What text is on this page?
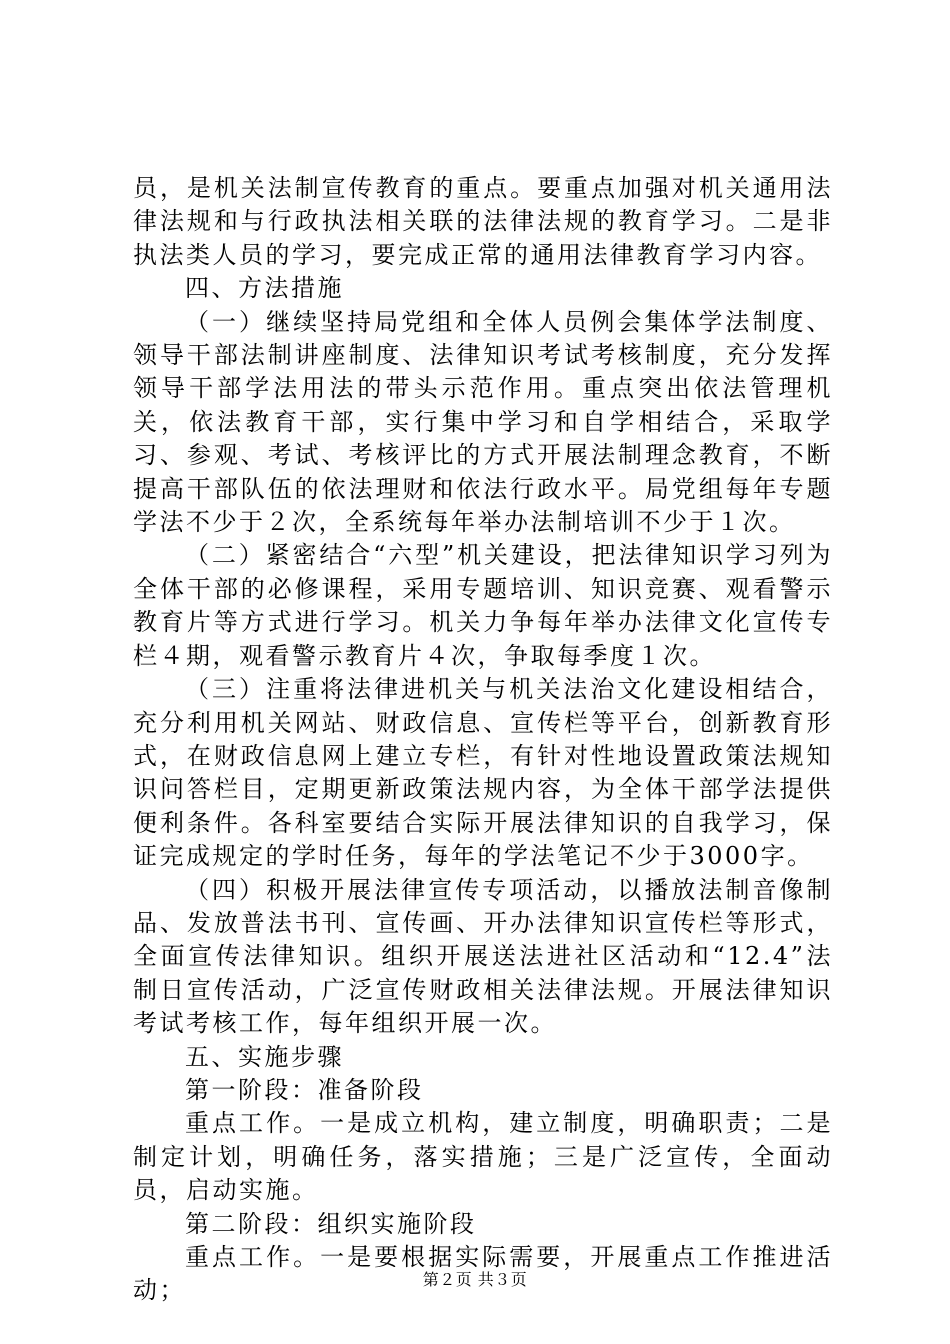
员，是机关法制宣传教育的重点。要重点加强对机关通用法律法规和与行政执法相关联的法律法规的教育学习。二是非执法类人员的学习，要完成正常的通用法律教育学习内容。

四、方法措施

（一）继续坚持局党组和全体人员例会集体学法制度、领导干部法制讲座制度、法律知识考试考核制度，充分发挥领导干部学法用法的带头示范作用。重点突出依法管理机关，依法教育干部，实行集中学习和自学相结合，采取学习、参观、考试、考核评比的方式开展法制理念教育，不断提高干部队伍的依法理财和依法行政水平。局党组每年专题学法不少于２次，全系统每年举办法制培训不少于１次。

（二）紧密结合“六型”机关建设，把法律知识学习列为全体干部的必修课程，采用专题培训、知识竞赛、观看警示教育片等方式进行学习。机关力争每年举办法律文化宣传专栏４期，观看警示教育片４次，争取每季度１次。

（三）注重将法律进机关与机关法治文化建设相结合，充分利用机关网站、财政信息、宣传栏等平台，创新教育形式，在财政信息网上建立专栏，有针对性地设置政策法规知识问答栏目，定期更新政策法规内容，为全体干部学法提供便利条件。各科室要结合实际开展法律知识的自我学习，保证完成规定的学时任务，每年的学法笔记不少于3000字。

（四）积极开展法律宣传专项活动，以播放法制音像制品、发放普法书刊、宣传画、开办法律知识宣传栏等形式，全面宣传法律知识。组织开展送法进社区活动和“12.4”法制日宣传活动，广泛宣传财政相关法律法规。开展法律知识考试考核工作，每年组织开展一次。

五、实施步骤

第一阶段：准备阶段

重点工作。一是成立机构，建立制度，明确职责；二是制定计划，明确任务，落实措施；三是广泛宣传，全面动员，启动实施。

第二阶段：组织实施阶段

重点工作。一是要根据实际需要，开展重点工作推进活动；	第２页 共３页
